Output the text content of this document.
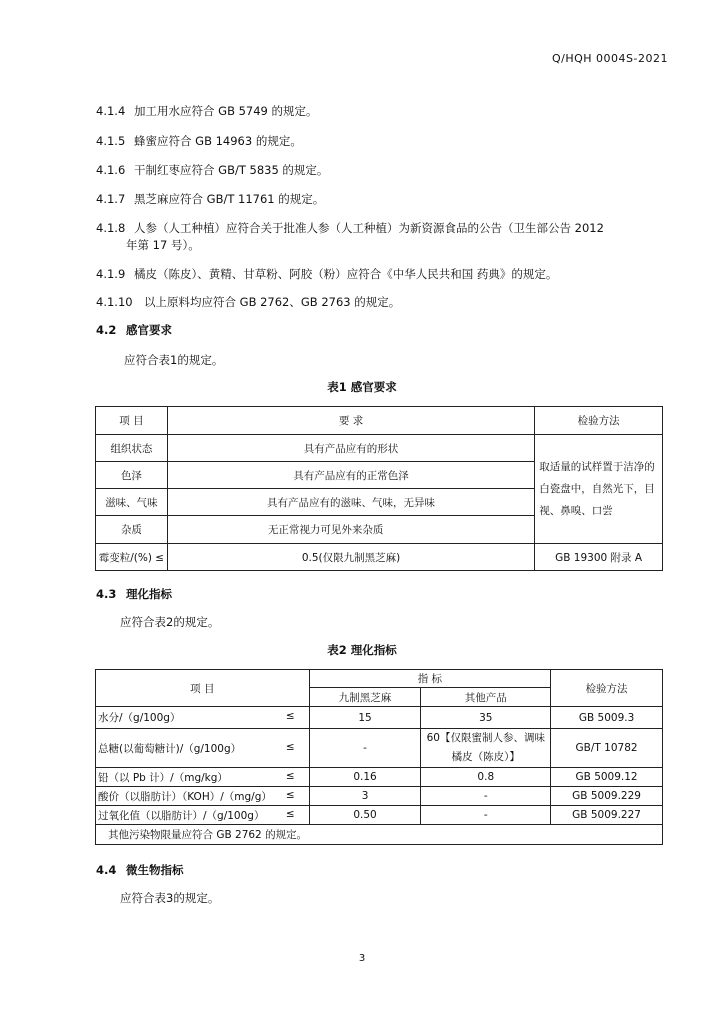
Q/HQH 0004S-2021
4.1.4 加工用水应符合 GB 5749 的规定。
4.1.5 蜂蜜应符合 GB 14963 的规定。
4.1.6 干制红枣应符合 GB/T 5835 的规定。
4.1.7 黑芝麻应符合 GB/T 11761 的规定。
4.1.8 人参（人工种植）应符合关于批准人参（人工种植）为新资源食品的公告（卫生部公告 2012
年第 17 号）。
4.1.9 橘皮（陈皮）、黄精、甘草粉、阿胶（粉）应符合《中华人民共和国 药典》的规定。
4.1.10 以上原料均应符合 GB 2762、GB 2763 的规定。
4.2 感官要求
应符合表1的规定。
表1 感官要求
项 目	要 求	检验方法
组织状态	具有产品应有的形状	取适量的试样置于洁净的白瓷盘中，自然光下，目视、鼻嗅、口尝
色泽	具有产品应有的正常色泽	
滋味、气味	具有产品应有的滋味、气味，无异味	
杂质	无正常视力可见外来杂质	
霉变粒/(%) ≤	0.5(仅限九制黑芝麻)	GB 19300 附录 A
4.3 理化指标
应符合表2的规定。
表2 理化指标
项 目	指 标		检验方法
	九制黑芝麻	其他产品	

水分/（g/100g） ≤	15	35	GB 5009.3

总糖(以葡萄糖计)/（g/100g） ≤	-	60【仅限蜜制人参、调味橘皮（陈皮）】	GB/T 10782

铅（以 Pb 计）/（mg/kg） ≤	0.16	0.8	GB 5009.12

酸价（以脂肪计）（KOH）/（mg/g） ≤	3	-	GB 5009.229

过氧化值（以脂肪计）/（g/100g） ≤	0.50	-	GB 5009.227
其他污染物限量应符合 GB 2762 的规定。			
4.4 微生物指标
应符合表3的规定。
3
